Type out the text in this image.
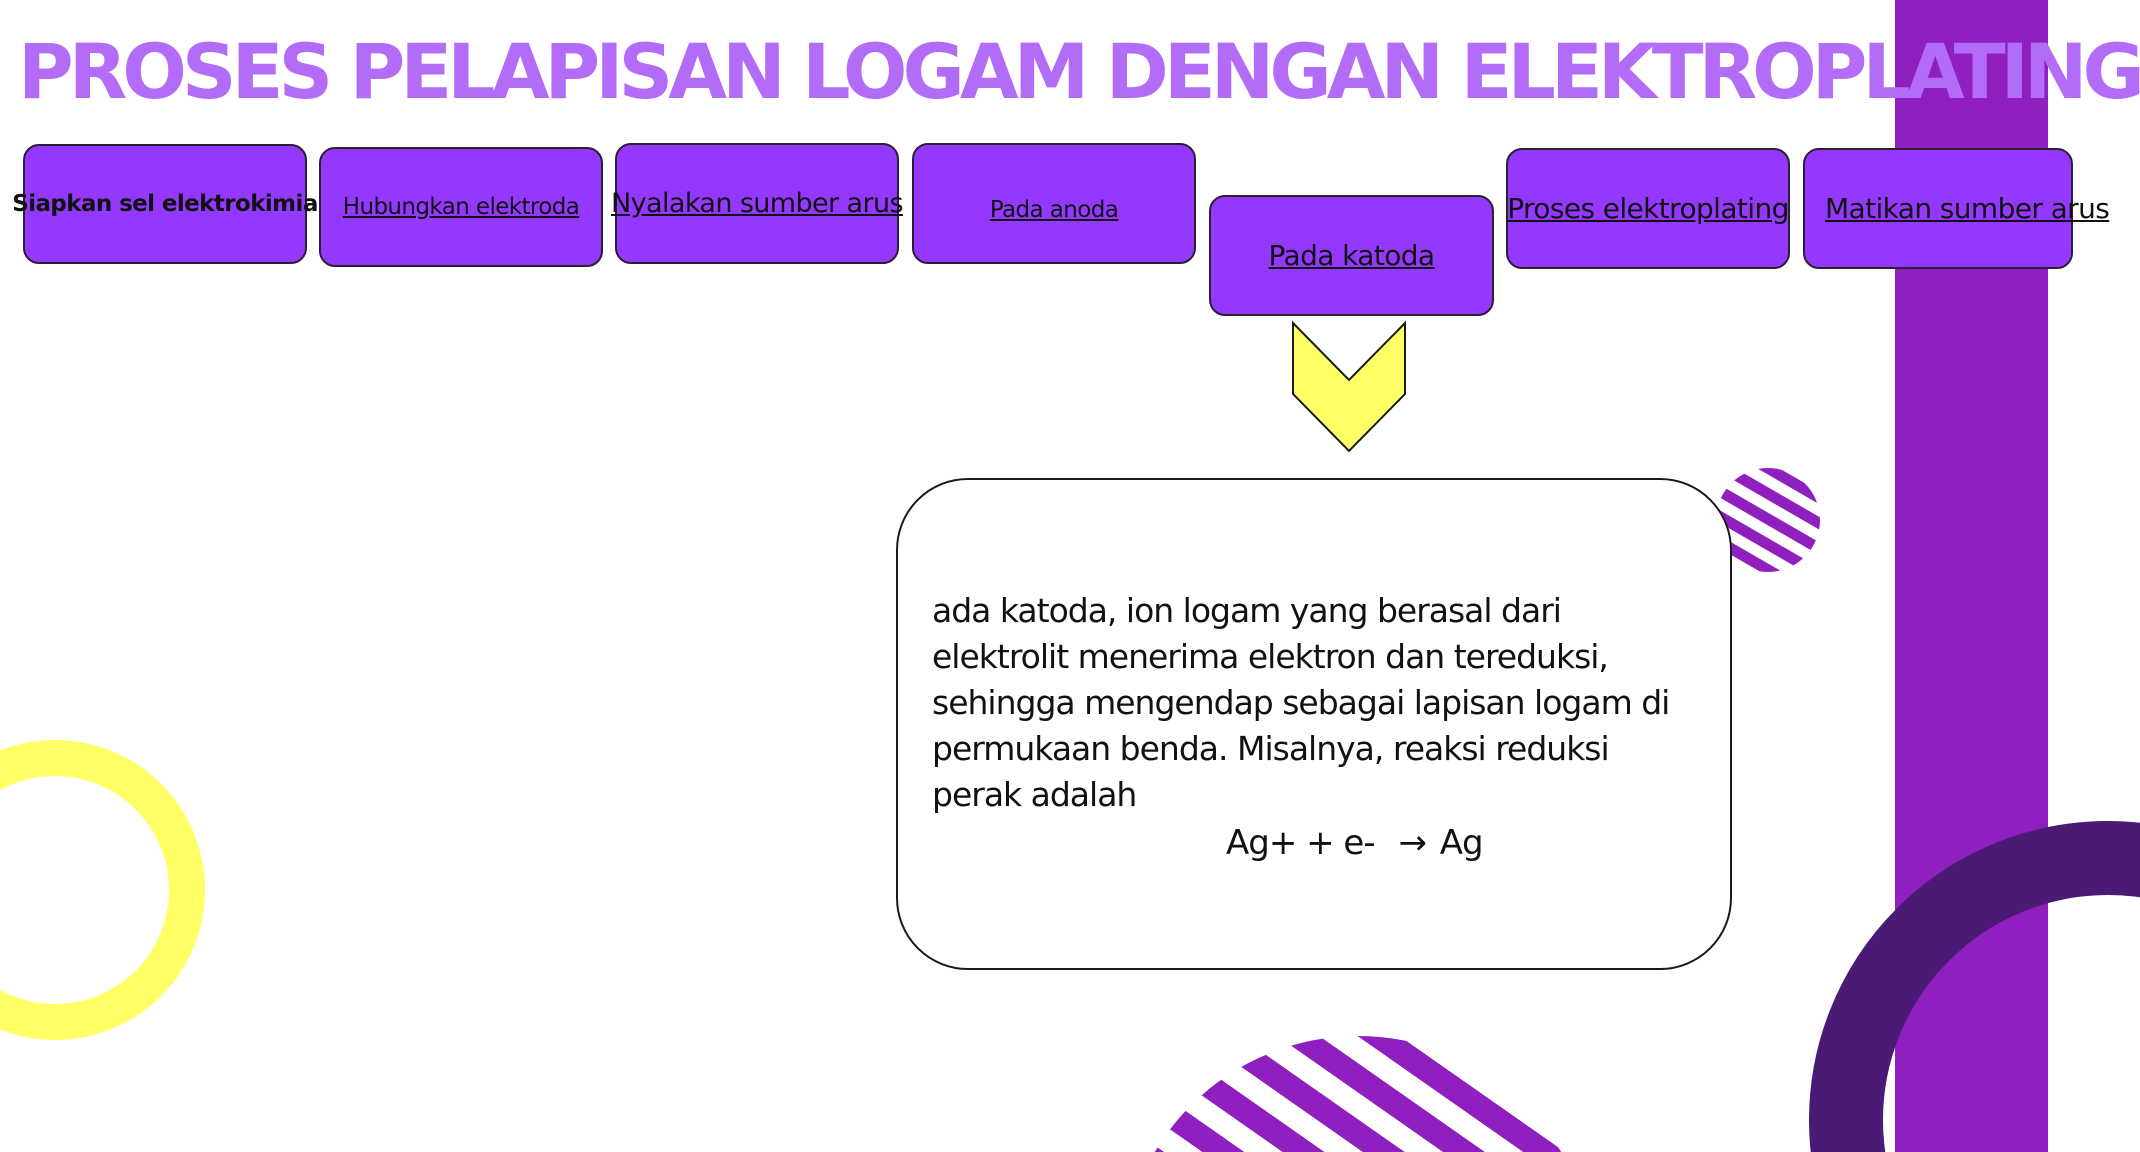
PROSES PELAPISAN LOGAM DENGAN ELEKTROPLATING
Siapkan sel elektrokimia Hubungkan elektroda Nyalakan sumber arus	Pada anoda
Pada katoda
Proses elektroplating Matikan sumber arus

ada katoda, ion logam yang berasal dari elektrolit menerima elektron dan tereduksi, sehingga mengendap sebagai lapisan logam di permukaan benda. Misalnya, reaksi reduksi perak adalah

Ag+ + e- → Ag
